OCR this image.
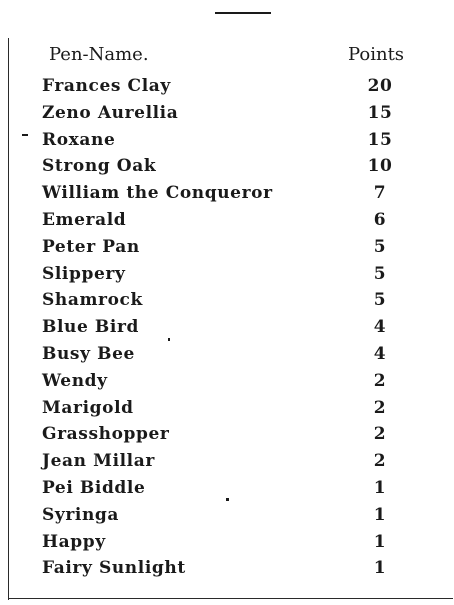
Pen-Name.	Points
Frances Clay	20
Zeno Aurellia	15
Roxane	15
Strong Oak	10
William the Conqueror	7
Emerald	6
Peter Pan	5
Slippery	5
Shamrock	5
Blue Bird	4
Busy Bee	4
Wendy	2
Marigold	2
Grasshopper	2
Jean Millar	2
Pei Biddle	1
Syringa	1
Happy	1
Fairy Sunlight	1
